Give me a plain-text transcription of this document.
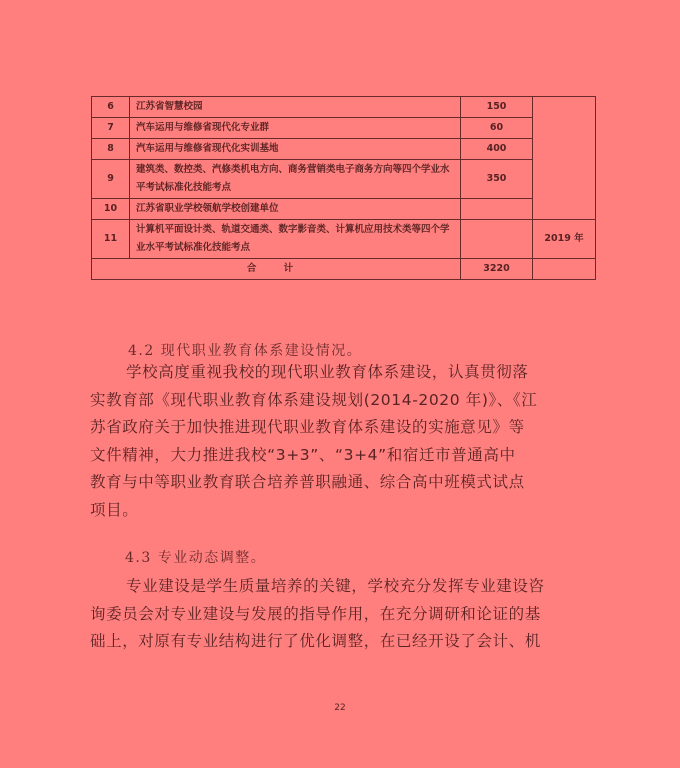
6	江苏省智慧校园	150	
7	汽车运用与维修省现代化专业群	60	
8	汽车运用与维修省现代化实训基地	400	
9	建筑类、数控类、汽修类机电方向、商务营销类电子商务方向等四个学业水平考试标准化技能考点	350	
10	江苏省职业学校领航学校创建单位		
11	计算机平面设计类、轨道交通类、数字影音类、计算机应用技术类等四个学业水平考试标准化技能考点		2019 年
合 计		3220	
4.2 现代职业教育体系建设情况。

学校高度重视我校的现代职业教育体系建设，认真贯彻落

实教育部《现代职业教育体系建设规划(2014-2020 年)》、《江

苏省政府关于加快推进现代职业教育体系建设的实施意见》等

文件精神，大力推进我校“3+3”、“3+4”和宿迁市普通高中

教育与中等职业教育联合培养普职融通、综合高中班模式试点

项目。

4.3 专业动态调整。

专业建设是学生质量培养的关键，学校充分发挥专业建设咨

询委员会对专业建设与发展的指导作用，在充分调研和论证的基

础上，对原有专业结构进行了优化调整，在已经开设了会计、机

22
